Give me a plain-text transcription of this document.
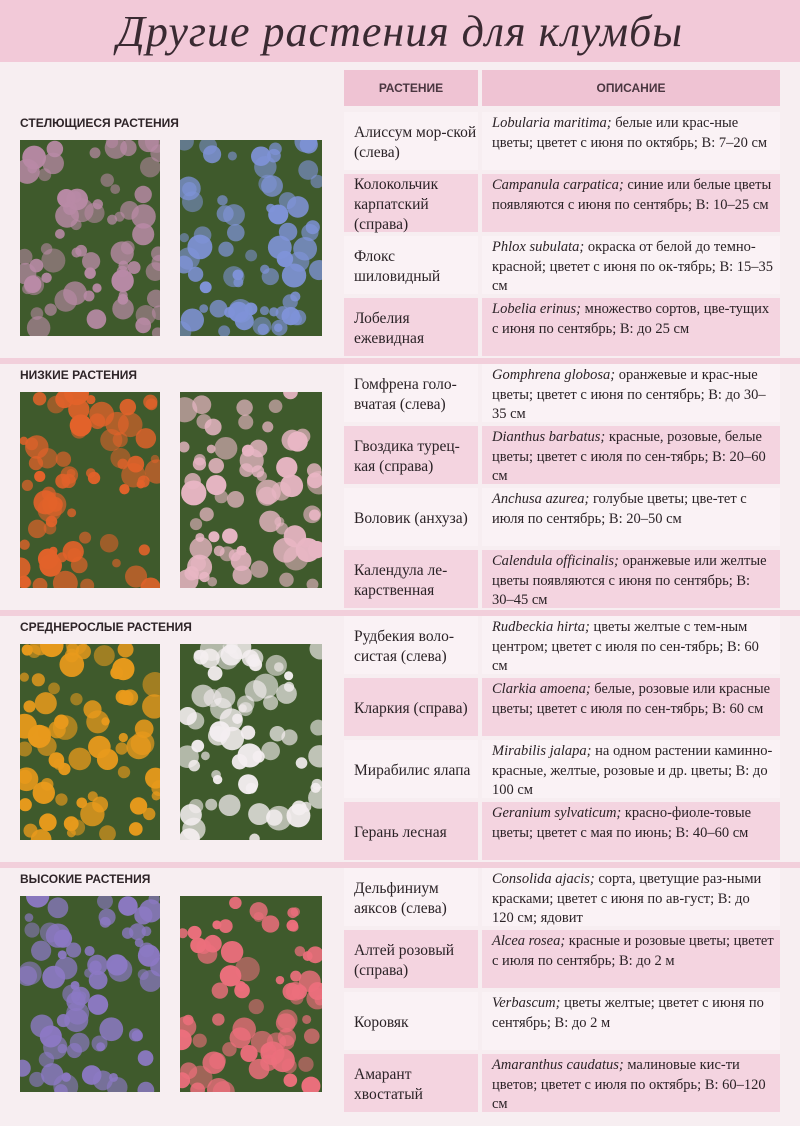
Другие растения для клумбы
РАСТЕНИЕ	ОПИСАНИЕ
СТЕЛЮЩИЕСЯ РАСТЕНИЯ
Алиссум мор-ской (слева)
Lobularia maritima; белые или крас-ные цветы; цветет с июня по октябрь; В: 7–20 см
Колокольчик карпатский (справа)
Campanula carpatica; синие или белые цветы появляются с июня по сентябрь; В: 10–25 см
Флокс шиловидный
Phlox subulata; окраска от белой до темно-красной; цветет с июня по ок-тябрь; В: 15–35 см
Лобелия ежевидная
Lobelia erinus; множество сортов, цве-тущих с июня по сентябрь; В: до 25 см
НИЗКИЕ РАСТЕНИЯ
Гомфрена голо-вчатая (слева)
Gomphrena globosa; оранжевые и крас-ные цветы; цветет с июня по сентябрь; В: до 30–35 см
Гвоздика турец-кая (справа)
Dianthus barbatus; красные, розовые, белые цветы; цветет с июля по сен-тябрь; В: 20–60 см
Воловик (анхуза)
Anchusa azurea; голубые цветы; цве-тет с июля по сентябрь; В: 20–50 см
Календула ле-карственная
Calendula officinalis; оранжевые или желтые цветы появляются с июня по сентябрь; В: 30–45 см
СРЕДНЕРОСЛЫЕ РАСТЕНИЯ
Рудбекия воло-систая (слева)
Rudbeckia hirta; цветы желтые с тем-ным центром; цветет с июля по сен-тябрь; В: 60 см
Кларкия (справа)
Clarkia amoena; белые, розовые или красные цветы; цветет с июля по сен-тябрь; В: 60 см
Мирабилис ялапа
Mirabilis jalapa; на одном растении каминно-красные, желтые, розовые и др. цветы; В: до 100 см
Герань лесная
Geranium sylvaticum; красно-фиоле-товые цветы; цветет с мая по июнь; В: 40–60 см
ВЫСОКИЕ РАСТЕНИЯ
Дельфиниум аяксов (слева)
Consolida ajacis; сорта, цветущие раз-ными красками; цветет с июня по ав-густ; В: до 120 см; ядовит
Алтей розовый (справа)
Alcea rosea; красные и розовые цветы; цветет с июля по сентябрь; В: до 2 м
Коровяк
Verbascum; цветы желтые; цветет с июня по сентябрь; В: до 2 м
Амарант хвостатый
Amaranthus caudatus; малиновые кис-ти цветов; цветет с июля по октябрь; В: 60–120 см
